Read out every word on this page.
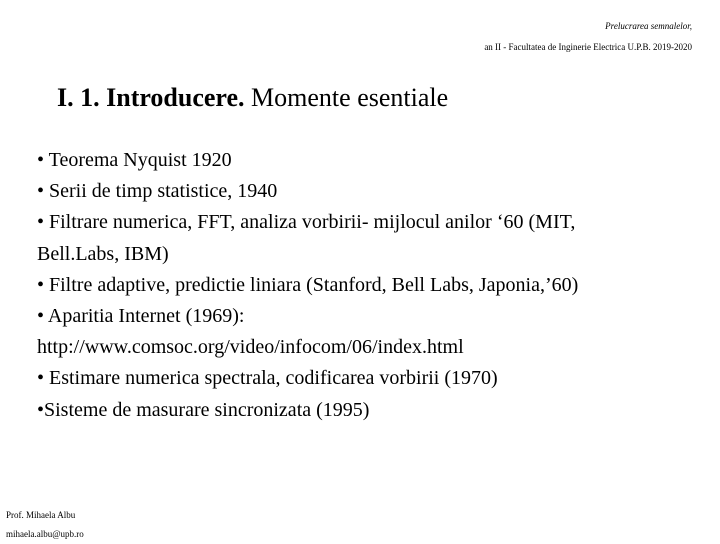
Prelucrarea semnalelor,
an II - Facultatea de Inginerie Electrica U.P.B. 2019-2020
I. 1. Introducere. Momente esentiale
• Teorema Nyquist 1920
• Serii de timp statistice, 1940
• Filtrare numerica, FFT, analiza vorbirii- mijlocul anilor ‘60 (MIT,
Bell.Labs, IBM)
• Filtre adaptive, predictie liniara (Stanford, Bell Labs, Japonia,’60)
• Aparitia Internet (1969):
http://www.comsoc.org/video/infocom/06/index.html
• Estimare numerica spectrala, codificarea vorbirii (1970)
•Sisteme de masurare sincronizata (1995)
Prof. Mihaela Albu
mihaela.albu@upb.ro
